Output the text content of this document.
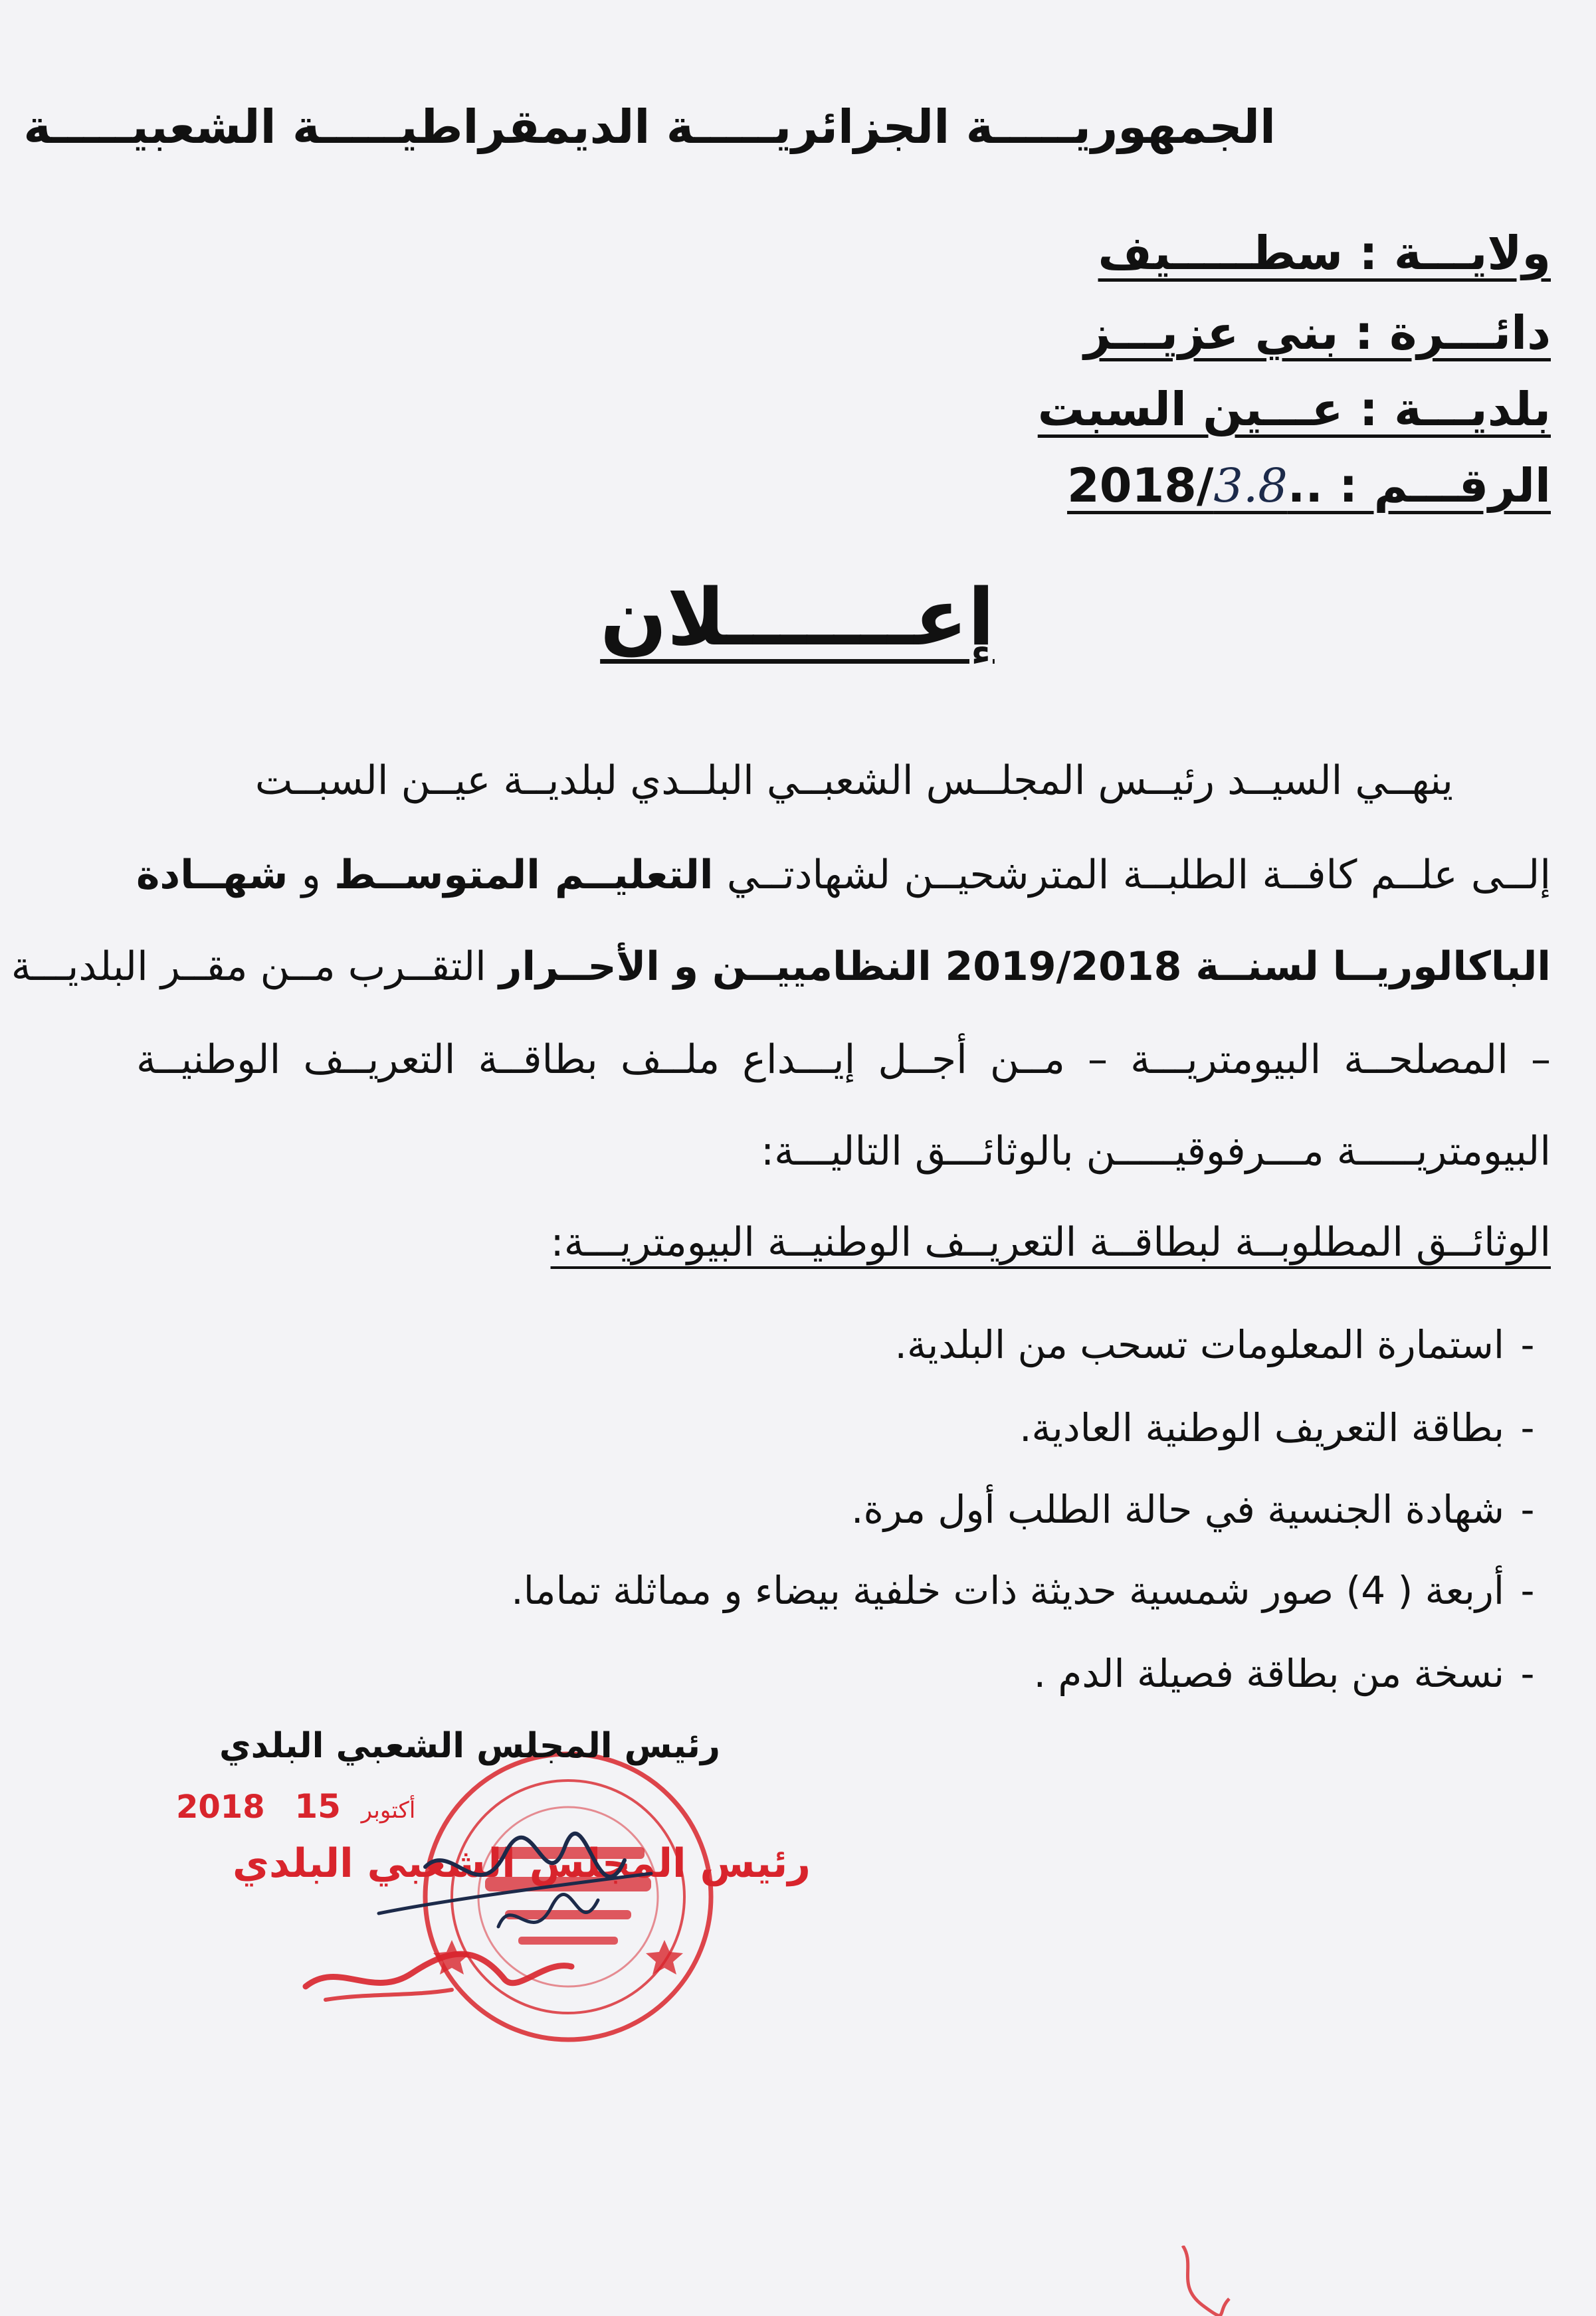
الجمهوريـــــة الجزائريـــــة الديمقراطيـــــة الشعبيـــــة
ولايـــة : سطـــــيف
دائـــرة : بني عزيـــز
بلديـــة : عـــين السبت
الرقـــم : ..2018/3.8
إعـــــــلان
ينهــي السيــد رئيــس المجلــس الشعبــي البلــدي لبلديــة عيــن السبــت
إلــى علــم كافــة الطلبــة المترشحيــن لشهادتــي التعليــم المتوســط و شهــادة
الباكالوريــا لسنــة 2019/2018 النظامييــن و الأحــرار التقــرب مــن مقــر البلديـــة
– المصلحــة البيومتريـــة – مــن أجــل إيـــداع ملــف بطاقــة التعريــف الوطنيــة
البيومتريـــــة مـــرفوقيـــــن بالوثائـــق التاليـــة:
الوثائــق المطلوبــة لبطاقــة التعريــف الوطنيــة البيومتريـــة:
-استمارة المعلومات تسحب من البلدية.
-بطاقة التعريف الوطنية العادية.
-شهادة الجنسية في حالة الطلب أول مرة.
-أربعة ( 4) صور شمسية حديثة ذات خلفية بيضاء و مماثلة تماما.
-نسخة من بطاقة فصيلة الدم .
رئيس المجلس الشعبي البلدي
2018	أكتوبر 15
رئيس المجلس الشعبي البلدي
